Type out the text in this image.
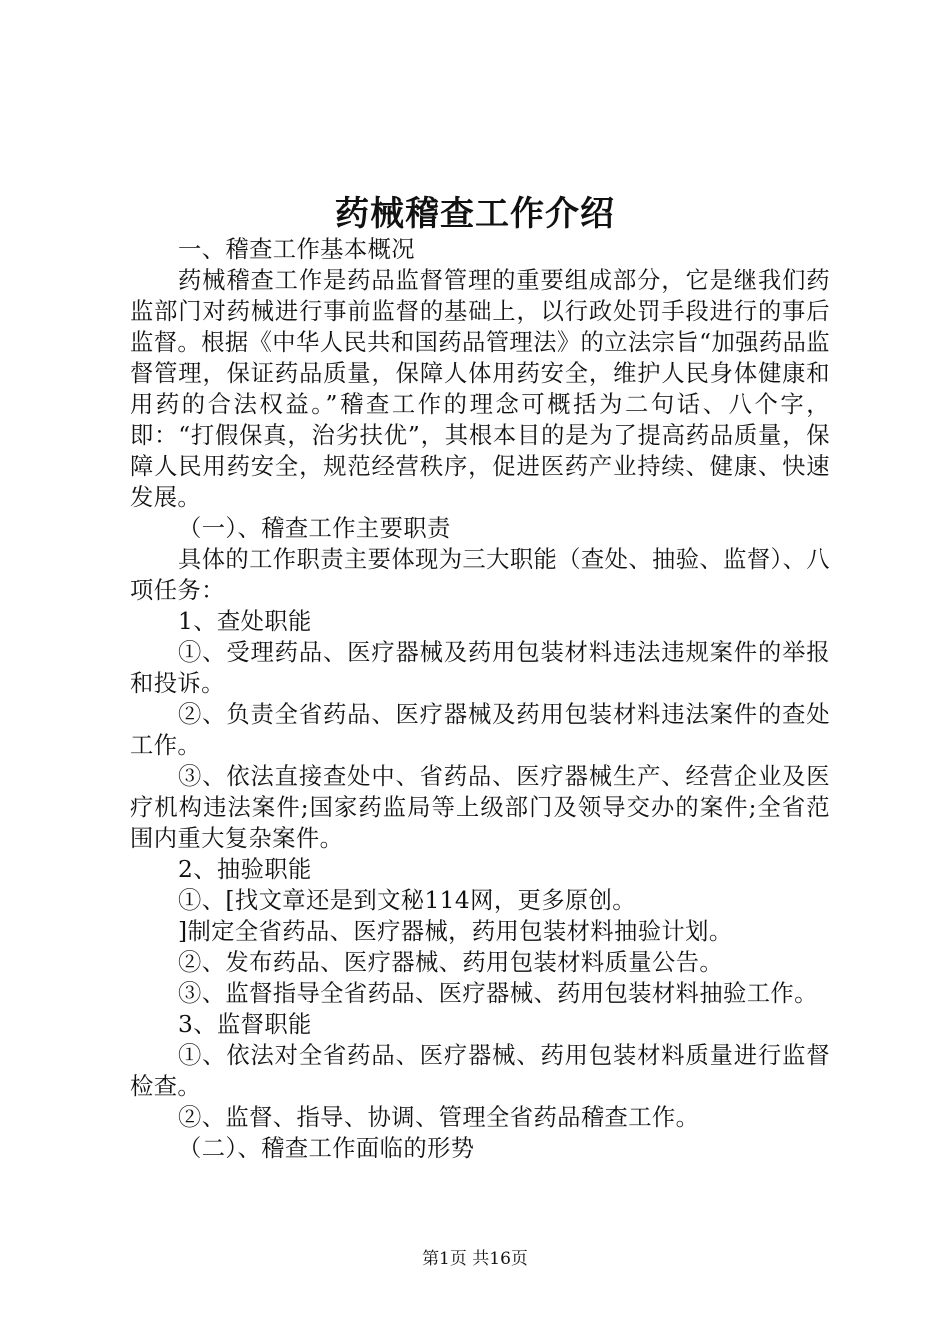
药械稽查工作介绍

一、稽查工作基本概况

药械稽查工作是药品监督管理的重要组成部分，它是继我们药监部门对药械进行事前监督的基础上，以行政处罚手段进行的事后监督。根据《中华人民共和国药品管理法》的立法宗旨“加强药品监督管理，保证药品质量，保障人体用药安全，维护人民身体健康和用药的合法权益。”稽查工作的理念可概括为二句话、八个字，即：“打假保真，治劣扶优”，其根本目的是为了提高药品质量，保障人民用药安全，规范经营秩序，促进医药产业持续、健康、快速发展。

（一）、稽查工作主要职责

具体的工作职责主要体现为三大职能（查处、抽验、监督）、八项任务：

1、查处职能

①、受理药品、医疗器械及药用包装材料违法违规案件的举报和投诉。

②、负责全省药品、医疗器械及药用包装材料违法案件的查处工作。

③、依法直接查处中、省药品、医疗器械生产、经营企业及医疗机构违法案件;国家药监局等上级部门及领导交办的案件;全省范围内重大复杂案件。

2、抽验职能

①、[找文章还是到文秘114网，更多原创。

]制定全省药品、医疗器械，药用包装材料抽验计划。

②、发布药品、医疗器械、药用包装材料质量公告。

③、监督指导全省药品、医疗器械、药用包装材料抽验工作。

3、监督职能

①、依法对全省药品、医疗器械、药用包装材料质量进行监督检查。

②、监督、指导、协调、管理全省药品稽查工作。

（二）、稽查工作面临的形势

第1页 共16页
